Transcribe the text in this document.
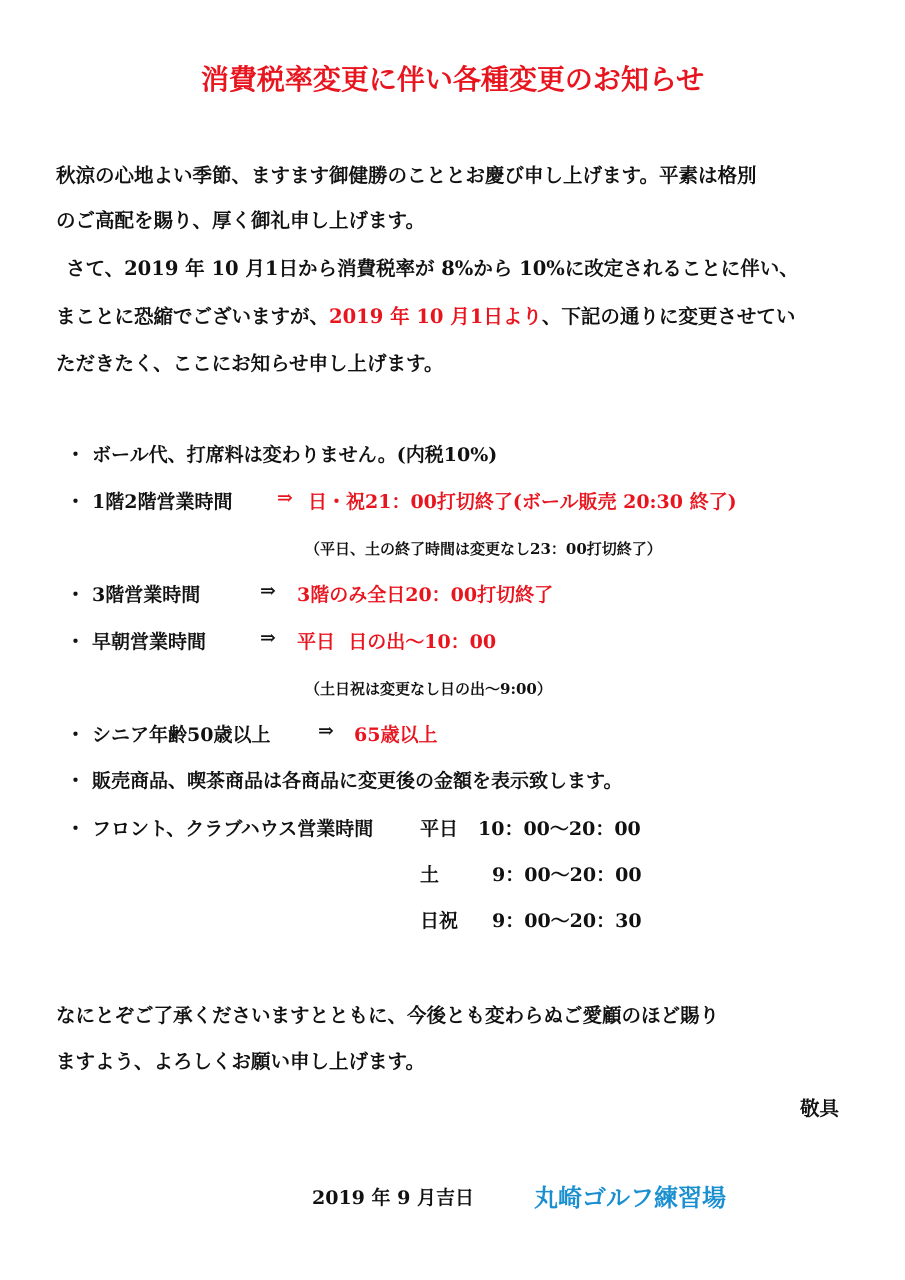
消費税率変更に伴い各種変更のお知らせ
秋涼の心地よい季節、ますます御健勝のこととお慶び申し上げます。平素は格別
のご高配を賜り、厚く御礼申し上げます。
さて、2019 年 10 月1日から消費税率が 8%から 10%に改定されることに伴い、
まことに恐縮でございますが、2019 年 10 月1日より、下記の通りに変更させてい
ただきたく、ここにお知らせ申し上げます。
・ ボール代、打席料は変わりません。(内税10%)
・ 1階2階営業時間 ⇒ 日・祝21：00打切終了(ボール販売 20:30 終了)
（平日、土の終了時間は変更なし23：00打切終了）
・ 3階営業時間	⇒ 3階のみ全日20：00打切終了
・ 早朝営業時間	⇒ 平日  日の出～10：00
（土日祝は変更なし日の出～9:00）
・ シニア年齢50歳以上	⇒ 65歳以上
・ 販売商品、喫茶商品は各商品に変更後の金額を表示致します。
・ フロント、クラブハウス営業時間 平日 10：00～20：00
土	9：00～20：00
日祝 9：00～20：30
なにとぞご了承くださいますとともに、今後とも変わらぬご愛顧のほど賜り
ますよう、よろしくお願い申し上げます。
敬具
2019 年 9 月吉日	丸崎ゴルフ練習場
